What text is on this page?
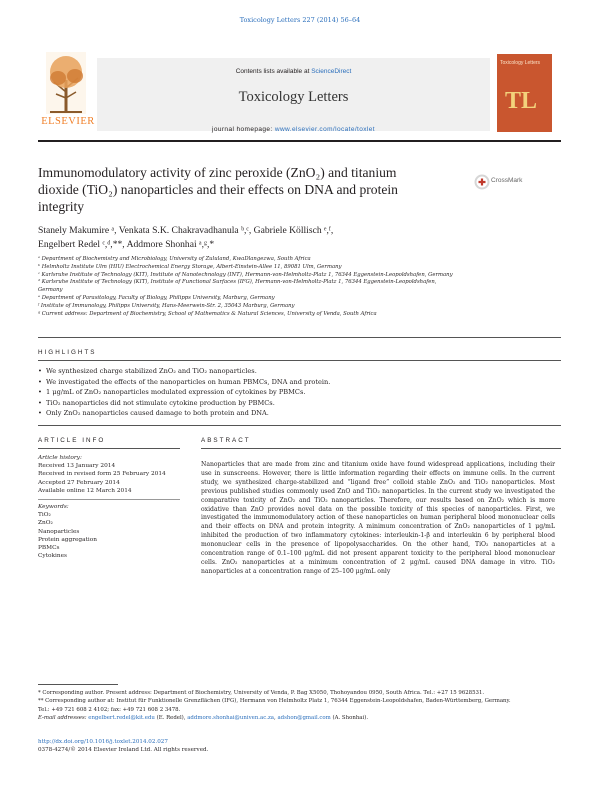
Toxicology Letters 227 (2014) 56–64
ELSEVIER
Contents lists available at ScienceDirect
Toxicology Letters
journal homepage: www.elsevier.com/locate/toxlet
Toxicology Letters
TL
Immunomodulatory activity of zinc peroxide (ZnO₂) and titanium
dioxide (TiO₂) nanoparticles and their effects on DNA and protein
integrity
CrossMark
Stanely Makumire ᵃ, Venkata S.K. Chakravadhanula ᵇ,ᶜ, Gabriele Köllisch ᵉ,ᶠ,
Engelbert Redel ᶜ,ᵈ,**, Addmore Shonhai ᵃ,ᵍ,*

ᵃ Department of Biochemistry and Microbiology, University of Zululand, KwaDlangezwa, South Africa

ᵇ Helmholtz Institute Ulm (HIU) Electrochemical Energy Storage, Albert-Einstein-Allee 11, 89081 Ulm, Germany

ᶜ Karlsruhe Institute of Technology (KIT), Institute of Nanotechnology (INT), Hermann-von-Helmholtz-Platz 1, 76344 Eggenstein-Leopoldshafen, Germany

ᵈ Karlsruhe Institute of Technology (KIT), Institute of Functional Surfaces (IFG), Hermann-von-Helmholtz-Platz 1, 76344 Eggenstein-Leopoldshafen,

Germany

ᵉ Department of Parasitology, Faculty of Biology, Philipps University, Marburg, Germany

ᶠ Institute of Immunology, Philipps University, Hans-Meerwein-Str. 2, 35043 Marburg, Germany

ᵍ Current address: Department of Biochemistry, School of Mathematics & Natural Sciences, University of Venda, South Africa

HIGHLIGHTS
• We synthesized charge stabilized ZnO₂ and TiO₂ nanoparticles.
• We investigated the effects of the nanoparticles on human PBMCs, DNA and protein.
• 1 μg/mL of ZnO₂ nanoparticles modulated expression of cytokines by PBMCs.
• TiO₂ nanoparticles did not stimulate cytokine production by PBMCs.
• Only ZnO₂ nanoparticles caused damage to both protein and DNA.
ARTICLE INFO
Article history:
Received 13 January 2014
Received in revised form 25 February 2014
Accepted 27 February 2014
Available online 12 March 2014
Keywords:
TiO₂
ZnO₂
Nanoparticles
Protein aggregation
PBMCs
Cytokines
ABSTRACT
Nanoparticles that are made from zinc and titanium oxide have found widespread applications, including their use in sunscreens. However, there is little information regarding their effects on immune cells. In the current study, we synthesized charge-stabilized and “ligand free” colloid stable ZnO₂ and TiO₂ nanoparticles. Most previous published studies commonly used ZnO and TiO₂ nanoparticles. In the current study we investigated the comparative toxicity of ZnO₂ and TiO₂ nanoparticles. Therefore, our results based on ZnO₂ which is more oxidative than ZnO provides novel data on the possible toxicity of this species of nanoparticles. First, we investigated the immunomodulatory action of these nanoparticles on human peripheral blood mononuclear cells and their effects on DNA and protein integrity. A minimum concentration of ZnO₂ nanoparticles of 1 μg/mL inhibited the production of two inflammatory cytokines: interleukin-1-β and interleukin 6 by peripheral blood mononuclear cells in the presence of lipopolysaccharides. On the other hand, TiO₂ nanoparticles at a concentration range of 0.1–100 μg/mL did not present apparent toxicity to the peripheral blood mononuclear cells. ZnO₂ nanoparticles at a minimum concentration of 2 μg/mL caused DNA damage in vitro. TiO₂ nanoparticles at a concentration range of 25–100 μg/mL only

* Corresponding author. Present address: Department of Biochemistry, University of Venda, P. Bag X5050, Thohoyandou 0950, South Africa. Tel.: +27 15 9628531.

** Corresponding author at: Institut für Funktionelle Grenzflächen (IFG), Hermann von Helmholtz Platz 1, 76344 Eggenstein-Leopoldshafen, Baden-Württemberg, Germany.

Tel.: +49 721 608 2 4102; fax: +49 721 608 2 3478.

E-mail addresses: engelbert.redel@kit.edu (E. Redel), addmore.shonhai@univen.ac.za, adshon@gmail.com (A. Shonhai).

http://dx.doi.org/10.1016/j.toxlet.2014.02.027

0378-4274/© 2014 Elsevier Ireland Ltd. All rights reserved.
